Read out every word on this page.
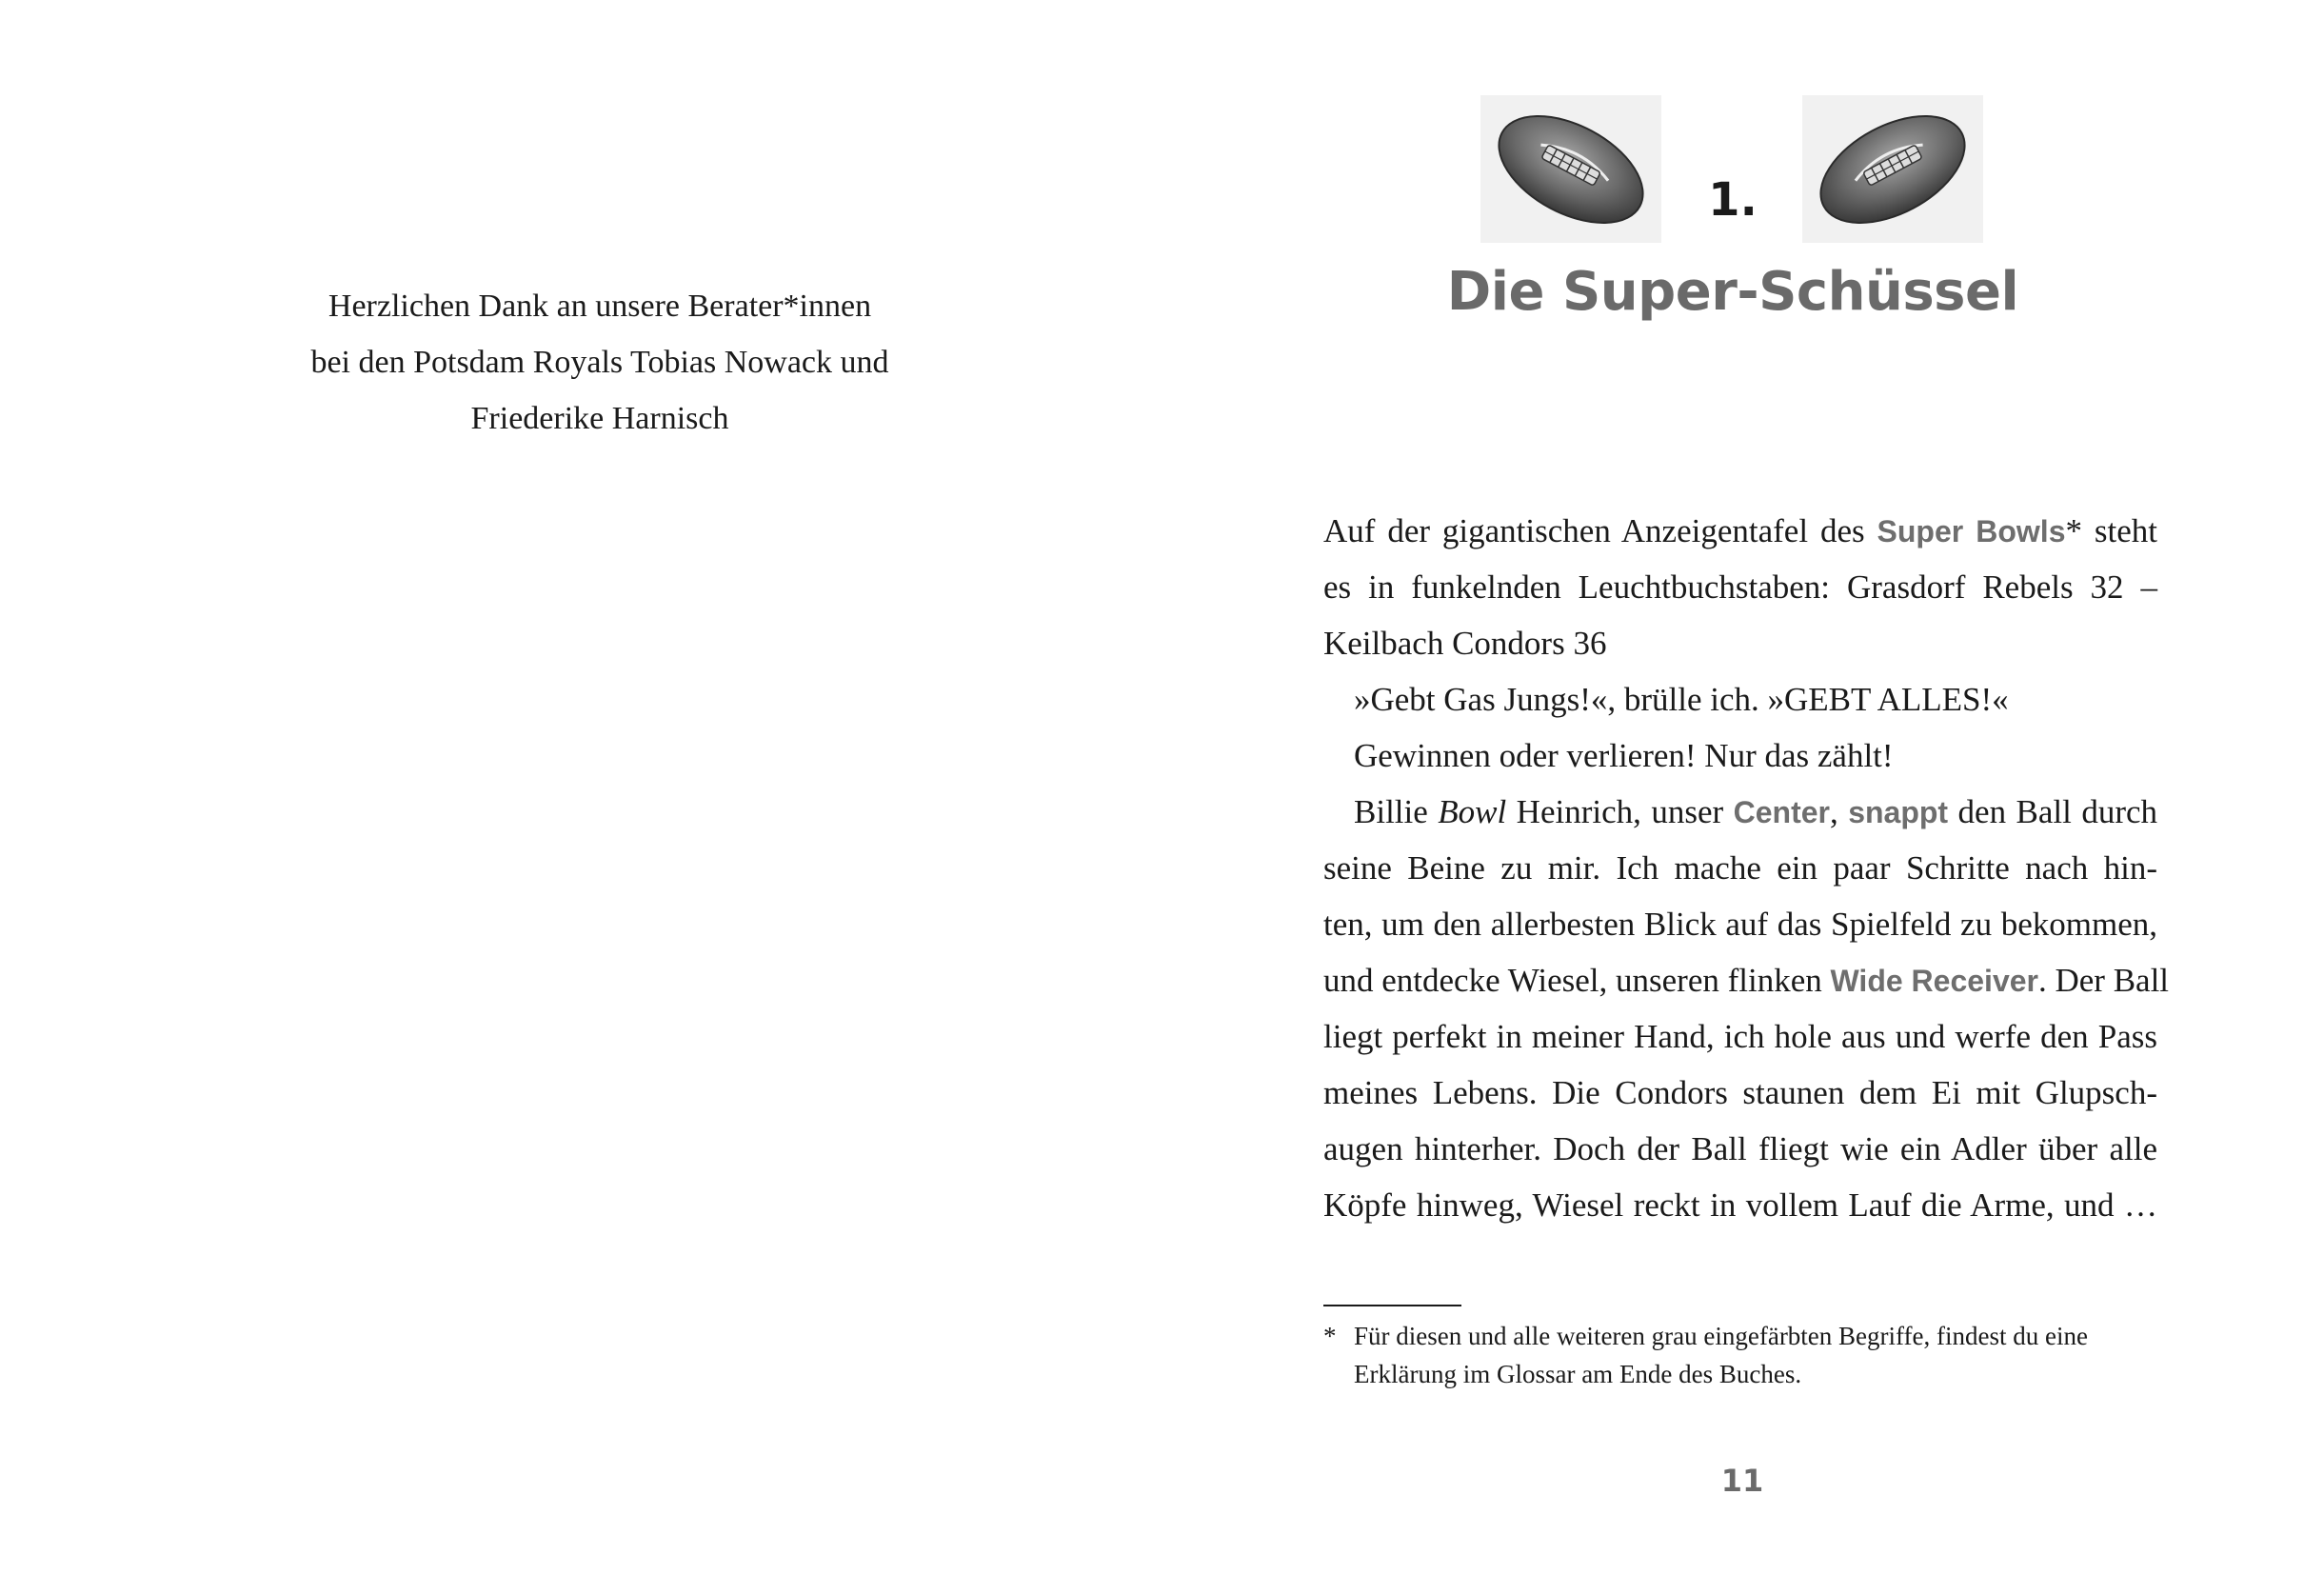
Herzlichen Dank an unsere Berater*innen
bei den Potsdam Royals Tobias Nowack und
Friederike Harnisch
1.
Die Super-Schüssel
Auf der gigantischen Anzeigentafel des Super Bowls* steht
es in funkelnden Leuchtbuchstaben: Grasdorf Rebels 32 –
Keilbach Condors 36
»Gebt Gas Jungs!«, brülle ich. »GEBT ALLES!«
Gewinnen oder verlieren! Nur das zählt!
Billie Bowl Heinrich, unser Center, snappt den Ball durch
seine Beine zu mir. Ich mache ein paar Schritte nach hin-
ten, um den allerbesten Blick auf das Spielfeld zu bekommen,
und entdecke Wiesel, unseren flinken Wide Receiver. Der Ball
liegt perfekt in meiner Hand, ich hole aus und werfe den Pass
meines Lebens. Die Condors staunen dem Ei mit Glupsch-
augen hinterher. Doch der Ball fliegt wie ein Adler über alle
Köpfe hinweg, Wiesel reckt in vollem Lauf die Arme, und …
* Für diesen und alle weiteren grau eingefärbten Begriffe, findest du eine
Erklärung im Glossar am Ende des Buches.
11
